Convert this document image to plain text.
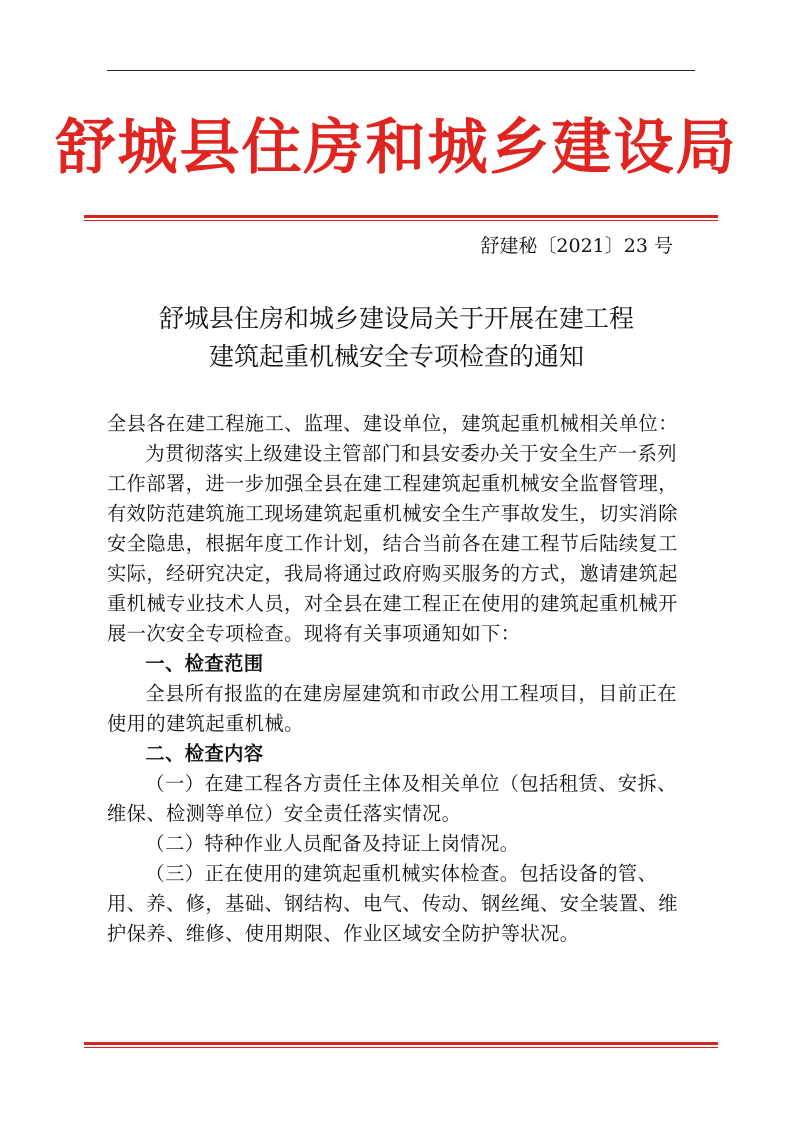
舒城县住房和城乡建设局
舒建秘〔2021〕23 号
舒城县住房和城乡建设局关于开展在建工程
建筑起重机械安全专项检查的通知

全县各在建工程施工、监理、建设单位，建筑起重机械相关单位：

为贯彻落实上级建设主管部门和县安委办关于安全生产一系列工作部署，进一步加强全县在建工程建筑起重机械安全监督管理，有效防范建筑施工现场建筑起重机械安全生产事故发生，切实消除安全隐患，根据年度工作计划，结合当前各在建工程节后陆续复工实际，经研究决定，我局将通过政府购买服务的方式，邀请建筑起重机械专业技术人员，对全县在建工程正在使用的建筑起重机械开展一次安全专项检查。现将有关事项通知如下：

一、检查范围

全县所有报监的在建房屋建筑和市政公用工程项目，目前正在使用的建筑起重机械。

二、检查内容

（一）在建工程各方责任主体及相关单位（包括租赁、安拆、维保、检测等单位）安全责任落实情况。

（二）特种作业人员配备及持证上岗情况。

（三）正在使用的建筑起重机械实体检查。包括设备的管、用、养、修，基础、钢结构、电气、传动、钢丝绳、安全装置、维护保养、维修、使用期限、作业区域安全防护等状况。
